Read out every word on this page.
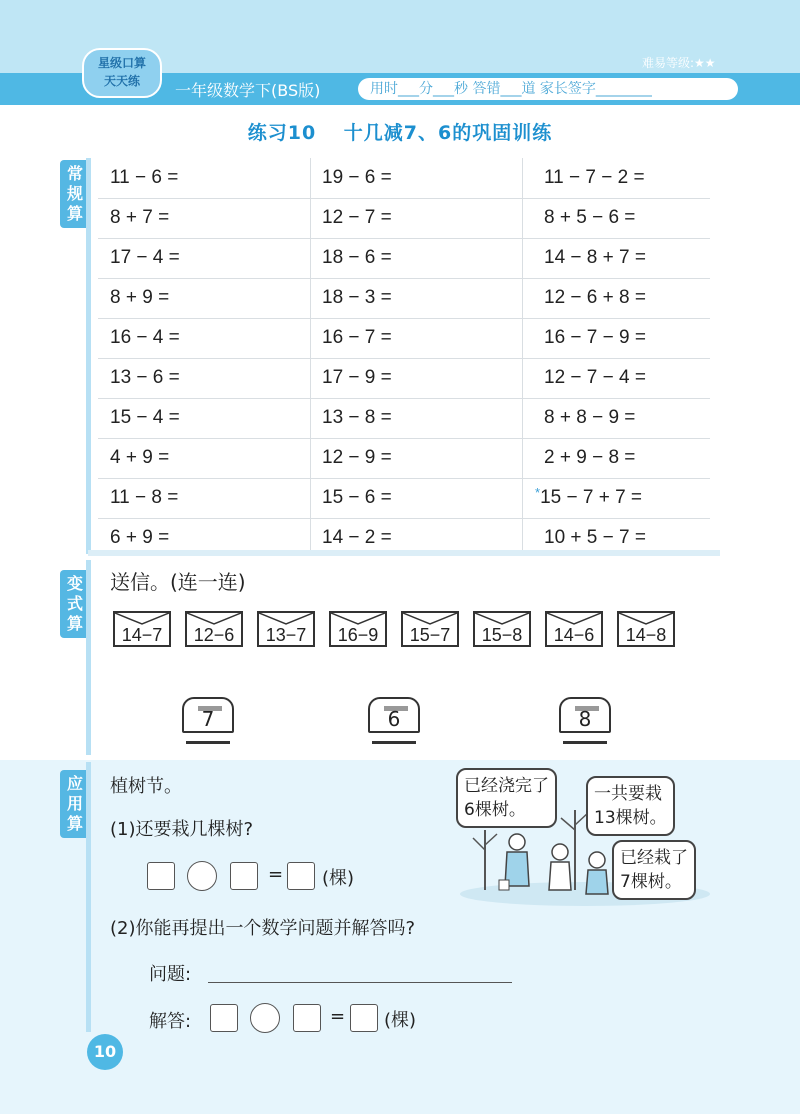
难易等级:★★
星级口算
天天练	一年级数学下(BS版)	用时___分___秒 答错___道 家长签字________
练习10　 十几减7、6的巩固训练
常规算
变式算
11 − 6 =	19 − 6 =	11 − 7 − 2 =
8 + 7 =	12 − 7 =	8 + 5 − 6 =
17 − 4 =	18 − 6 =	14 − 8 + 7 =
8 + 9 =	18 − 3 =	12 − 6 + 8 =
16 − 4 =	16 − 7 =	16 − 7 − 9 =
13 − 6 =	17 − 9 =	12 − 7 − 4 =
15 − 4 =	13 − 8 =	8 + 8 − 9 =
4 + 9 =	12 − 9 =	2 + 9 − 8 =
11 − 8 =	15 − 6 =	*15 − 7 + 7 =
6 + 9 =	14 − 2 =	10 + 5 − 7 =
送信。(连一连)
14−7	12−6	13−7	16−9	15−7	15−8	14−6	14−8
7	6	8
应用算
植树节。
(1)还要栽几棵树?
= (棵)
(2)你能再提出一个数学问题并解答吗?
问题:
解答:	= (棵)
已经浇完了
6棵树。
一共要栽
13棵树。
已经栽了
7棵树。
10
